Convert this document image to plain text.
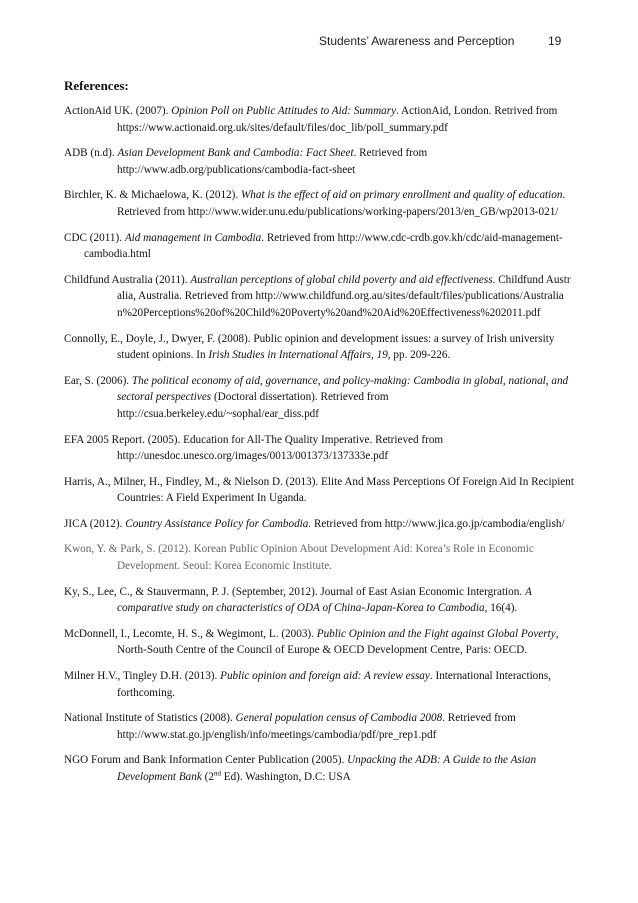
Students’ Awareness and Perception	19
References:
ActionAid UK. (2007). Opinion Poll on Public Attitudes to Aid: Summary. ActionAid, London. Retrived from https://www.actionaid.org.uk/sites/default/files/doc_lib/poll_summary.pdf
ADB (n.d). Asian Development Bank and Cambodia: Fact Sheet. Retrieved from http://www.adb.org/publications/cambodia-fact-sheet
Birchler, K. & Michaelowa, K. (2012). What is the effect of aid on primary enrollment and quality of education. Retrieved from http://www.wider.unu.edu/publications/working-papers/2013/en_GB/wp2013-021/
CDC (2011). Aid management in Cambodia. Retrieved from http://www.cdc-crdb.gov.kh/cdc/aid-management-cambodia.html
Childfund Australia (2011). Australian perceptions of global child poverty and aid effectiveness. Childfund Australia, Australia. Retrieved from http://www.childfund.org.au/sites/default/files/publications/Australian%20Perceptions%20of%20Child%20Poverty%20and%20Aid%20Effectiveness%202011.pdf
Connolly, E., Doyle, J., Dwyer, F. (2008). Public opinion and development issues: a survey of Irish university student opinions. In Irish Studies in International Affairs, 19, pp. 209-226.
Ear, S. (2006). The political economy of aid, governance, and policy-making: Cambodia in global, national, and sectoral perspectives (Doctoral dissertation). Retrieved from http://csua.berkeley.edu/~sophal/ear_diss.pdf
EFA 2005 Report. (2005). Education for All-The Quality Imperative. Retrieved from http://unesdoc.unesco.org/images/0013/001373/137333e.pdf
Harris, A., Milner, H., Findley, M., & Nielson D. (2013). Elite And Mass Perceptions Of Foreign Aid In Recipient Countries: A Field Experiment In Uganda.
JICA (2012). Country Assistance Policy for Cambodia. Retrieved from http://www.jica.go.jp/cambodia/english/
Kwon, Y. & Park, S. (2012). Korean Public Opinion About Development Aid: Korea’s Role in Economic Development. Seoul: Korea Economic Institute.
Ky, S., Lee, C., & Stauvermann, P. J. (September, 2012). Journal of East Asian Economic Intergration. A comparative study on characteristics of ODA of China-Japan-Korea to Cambodia, 16(4).
McDonnell, I., Lecomte, H. S., & Wegimont, L. (2003). Public Opinion and the Fight against Global Poverty, North-South Centre of the Council of Europe & OECD Development Centre, Paris: OECD.
Milner H.V., Tingley D.H. (2013). Public opinion and foreign aid: A review essay. International Interactions, forthcoming.
National Institute of Statistics (2008). General population census of Cambodia 2008. Retrieved from http://www.stat.go.jp/english/info/meetings/cambodia/pdf/pre_rep1.pdf
NGO Forum and Bank Information Center Publication (2005). Unpacking the ADB: A Guide to the Asian Development Bank (2nd Ed). Washington, D.C: USA
